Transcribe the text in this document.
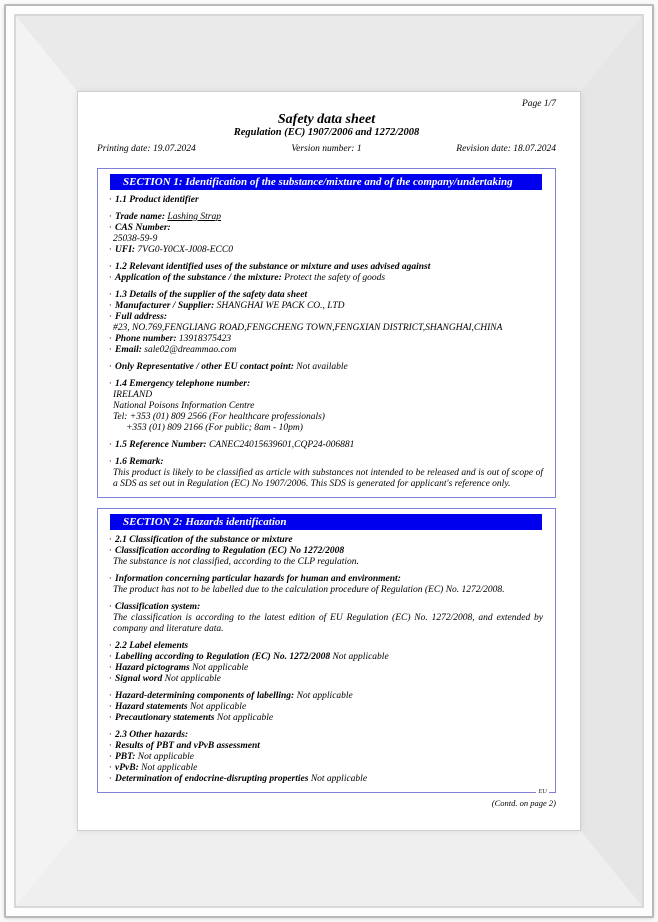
Page 1/7
Safety data sheet
Regulation (EC) 1907/2006 and 1272/2008
Printing date: 19.07.2024	Version number: 1	Revision date: 18.07.2024
SECTION 1: Identification of the substance/mixture and of the company/undertaking
· 1.1 Product identifier
· Trade name: Lashing Strap
· CAS Number:
25038-59-9
· UFI: 7VG0-Y0CX-J008-ECC0
· 1.2 Relevant identified uses of the substance or mixture and uses advised against
· Application of the substance / the mixture: Protect the safety of goods
· 1.3 Details of the supplier of the safety data sheet
· Manufacturer / Supplier: SHANGHAI WE PACK CO., LTD
· Full address:
#23, NO.769,FENGLIANG ROAD,FENGCHENG TOWN,FENGXIAN DISTRICT,SHANGHAI,CHINA
· Phone number: 13918375423
· Email: sale02@dreammao.com
· Only Representative / other EU contact point: Not available
· 1.4 Emergency telephone number:
IRELAND
National Poisons Information Centre
Tel: +353 (01) 809 2566 (For healthcare professionals)
+353 (01) 809 2166 (For public; 8am - 10pm)
· 1.5 Reference Number: CANEC24015639601,CQP24-006881
· 1.6 Remark:
This product is likely to be classified as article with substances not intended to be released and is out of scope of a SDS as set out in Regulation (EC) No 1907/2006. This SDS is generated for applicant's reference only.
SECTION 2: Hazards identification
· 2.1 Classification of the substance or mixture
· Classification according to Regulation (EC) No 1272/2008
The substance is not classified, according to the CLP regulation.
· Information concerning particular hazards for human and environment:
The product has not to be labelled due to the calculation procedure of Regulation (EC) No. 1272/2008.
· Classification system:
The classification is according to the latest edition of EU Regulation (EC) No. 1272/2008, and extended by company and literature data.
· 2.2 Label elements
· Labelling according to Regulation (EC) No. 1272/2008 Not applicable
· Hazard pictograms Not applicable
· Signal word Not applicable
· Hazard-determining components of labelling: Not applicable
· Hazard statements Not applicable
· Precautionary statements Not applicable
· 2.3 Other hazards:
· Results of PBT and vPvB assessment
· PBT: Not applicable
· vPvB: Not applicable
· Determination of endocrine-disrupting properties Not applicable
EU
(Contd. on page 2)
